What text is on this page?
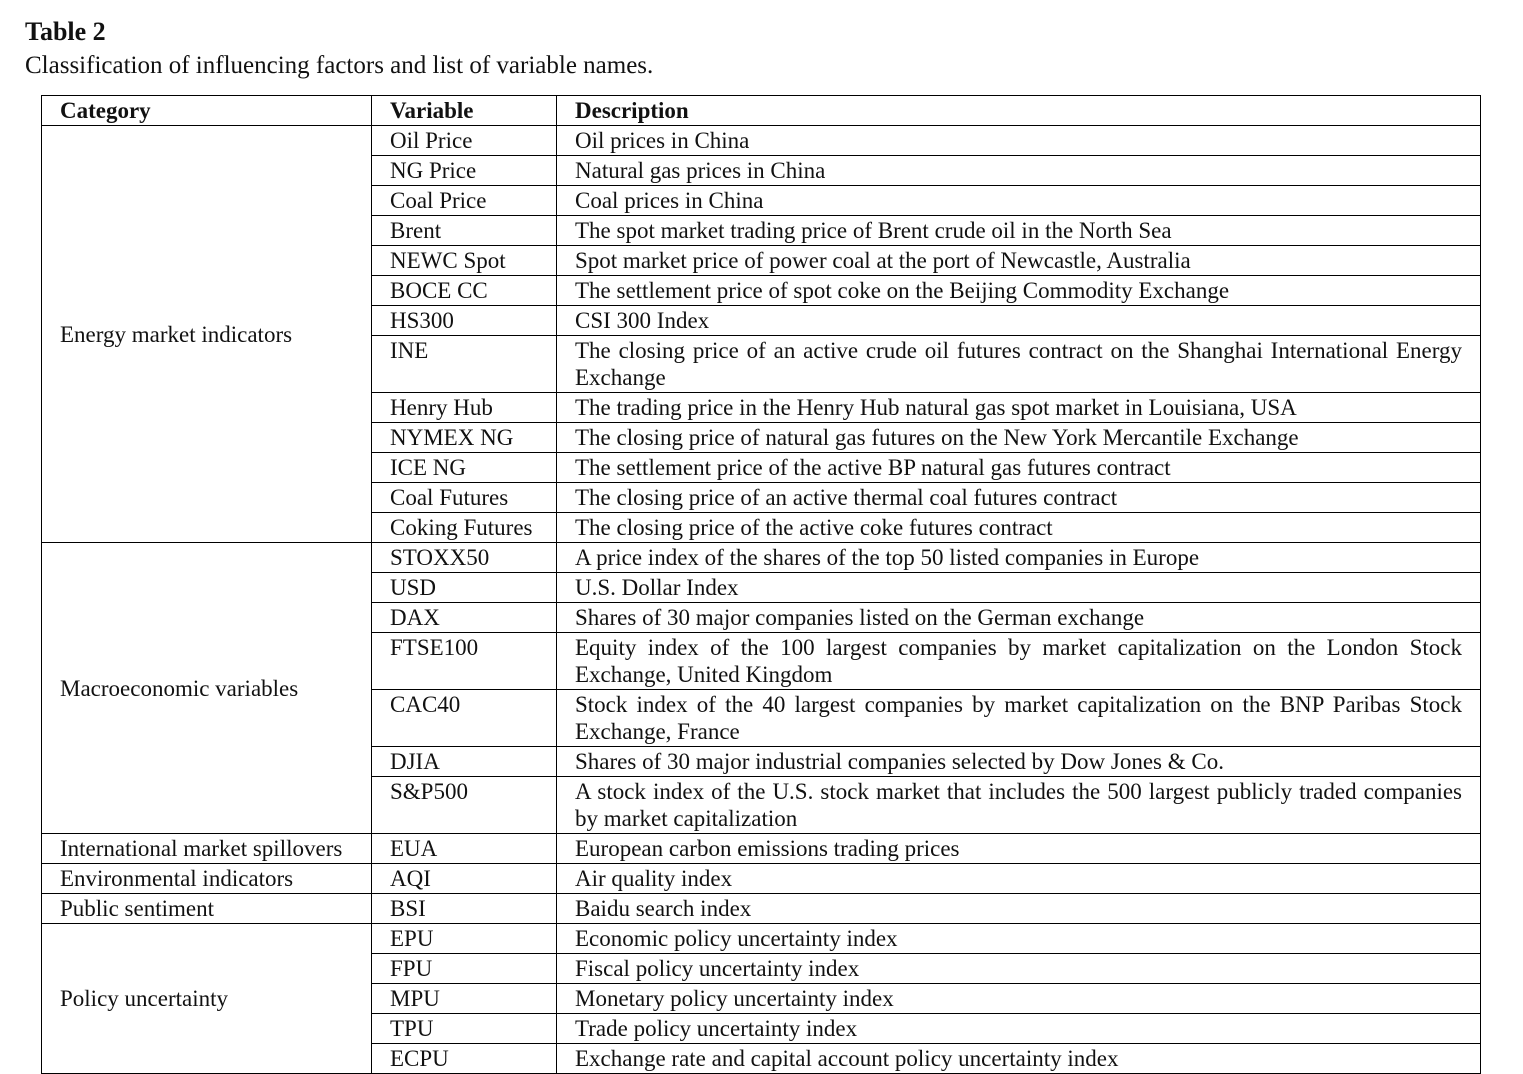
Table 2
Classification of influencing factors and list of variable names.
Category	Variable	Description
Energy market indicators	Oil Price	Oil prices in China
	NG Price	Natural gas prices in China
	Coal Price	Coal prices in China
	Brent	The spot market trading price of Brent crude oil in the North Sea
	NEWC Spot	Spot market price of power coal at the port of Newcastle, Australia
	BOCE CC	The settlement price of spot coke on the Beijing Commodity Exchange
	HS300	CSI 300 Index
	INE	The closing price of an active crude oil futures contract on the Shanghai International Energy Exchange
	Henry Hub	The trading price in the Henry Hub natural gas spot market in Louisiana, USA
	NYMEX NG	The closing price of natural gas futures on the New York Mercantile Exchange
	ICE NG	The settlement price of the active BP natural gas futures contract
	Coal Futures	The closing price of an active thermal coal futures contract
	Coking Futures	The closing price of the active coke futures contract
Macroeconomic variables	STOXX50	A price index of the shares of the top 50 listed companies in Europe
	USD	U.S. Dollar Index
	DAX	Shares of 30 major companies listed on the German exchange
	FTSE100	Equity index of the 100 largest companies by market capitalization on the London Stock Exchange, United Kingdom
	CAC40	Stock index of the 40 largest companies by market capitalization on the BNP Paribas Stock Exchange, France
	DJIA	Shares of 30 major industrial companies selected by Dow Jones & Co.
	S&P500	A stock index of the U.S. stock market that includes the 500 largest publicly traded companies by market capitalization
International market spillovers	EUA	European carbon emissions trading prices
Environmental indicators	AQI	Air quality index
Public sentiment	BSI	Baidu search index
Policy uncertainty	EPU	Economic policy uncertainty index
	FPU	Fiscal policy uncertainty index
	MPU	Monetary policy uncertainty index
	TPU	Trade policy uncertainty index
	ECPU	Exchange rate and capital account policy uncertainty index
